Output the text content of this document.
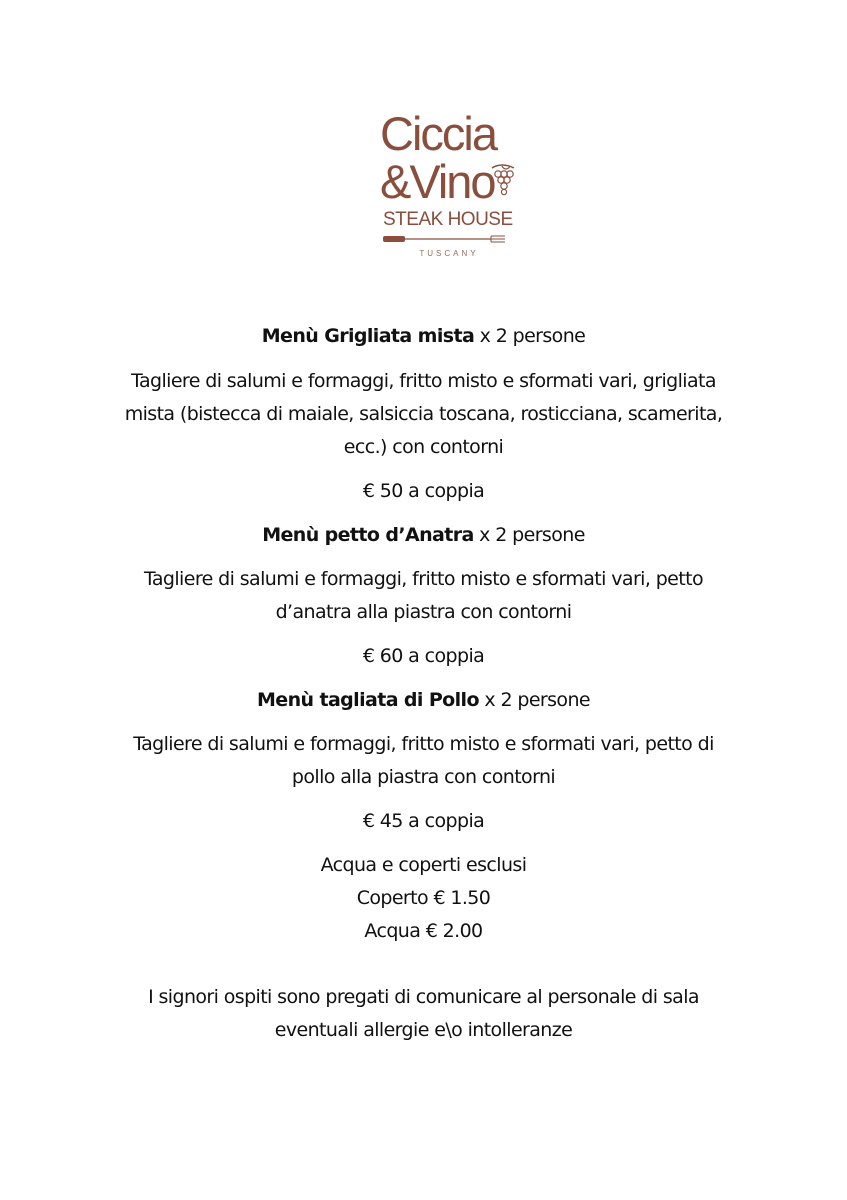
Ciccia
&Vino
STEAK HOUSE
TUSCANY
Menù Grigliata mista x 2 persone
Tagliere di salumi e formaggi, fritto misto e sformati vari, grigliata
mista (bistecca di maiale, salsiccia toscana, rosticciana, scamerita,
ecc.) con contorni
€ 50 a coppia
Menù petto d’Anatra x 2 persone
Tagliere di salumi e formaggi, fritto misto e sformati vari, petto
d’anatra alla piastra con contorni
€ 60 a coppia
Menù tagliata di Pollo x 2 persone
Tagliere di salumi e formaggi, fritto misto e sformati vari, petto di
pollo alla piastra con contorni
€ 45 a coppia
Acqua e coperti esclusi
Coperto € 1.50
Acqua € 2.00
I signori ospiti sono pregati di comunicare al personale di sala
eventuali allergie e\o intolleranze
